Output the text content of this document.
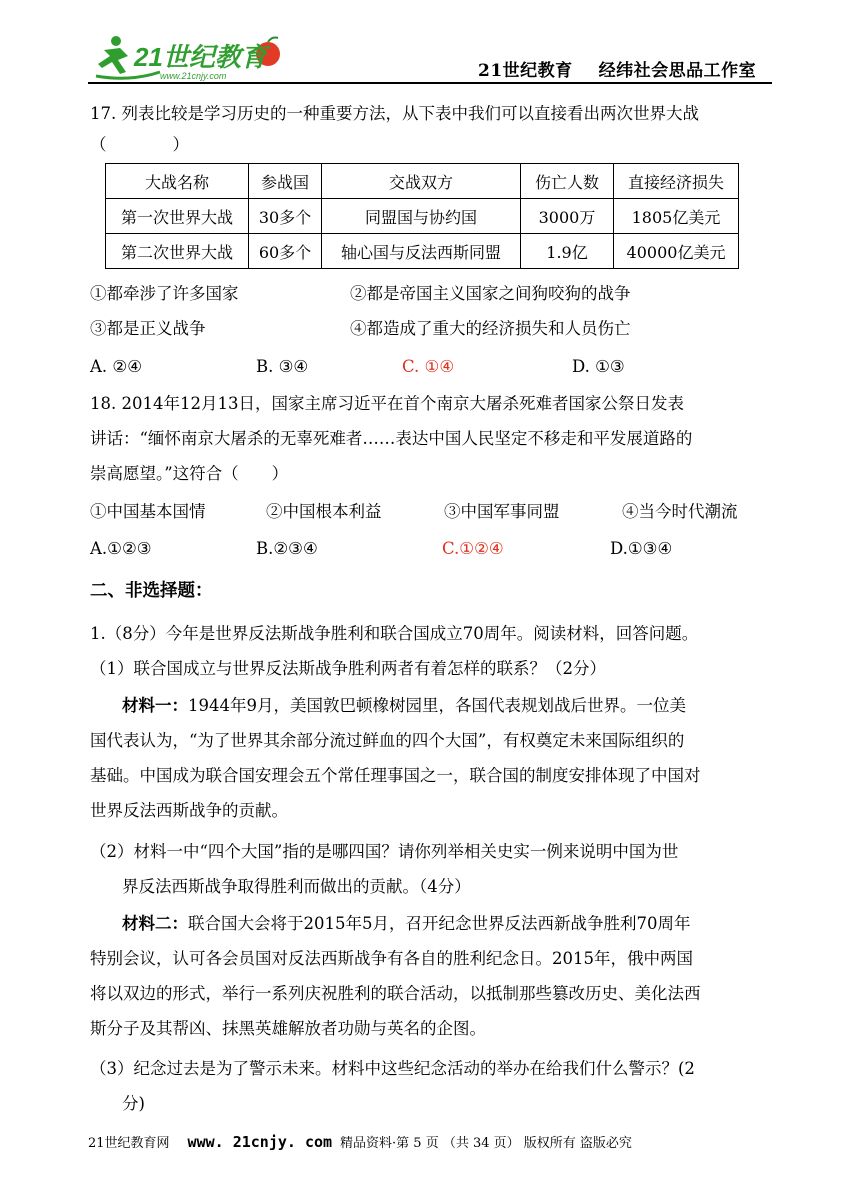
21世纪教育
www.21cnjy.com	21世纪教育 经纬社会思品工作室
17. 列表比较是学习历史的一种重要方法，从下表中我们可以直接看出两次世界大战
（　　　　）
大战名称	参战国	交战双方	伤亡人数	直接经济损失
第一次世界大战	30多个	同盟国与协约国	3000万	1805亿美元
第二次世界大战	60多个	轴心国与反法西斯同盟	1.9亿	40000亿美元
①都牵涉了许多国家	②都是帝国主义国家之间狗咬狗的战争
③都是正义战争	④都造成了重大的经济损失和人员伤亡
A. ②④	B. ③④	C. ①④	D. ①③
18. 2014年12月13日，国家主席习近平在首个南京大屠杀死难者国家公祭日发表
讲话：“缅怀南京大屠杀的无辜死难者……表达中国人民坚定不移走和平发展道路的
崇高愿望。”这符合（　　）
①中国基本国情	②中国根本利益	③中国军事同盟	④当今时代潮流
A.①②③	B.②③④	C.①②④	D.①③④
二、非选择题：
1.（8分）今年是世界反法斯战争胜利和联合国成立70周年。阅读材料，回答问题。
（1）联合国成立与世界反法斯战争胜利两者有着怎样的联系？（2分）
材料一：1944年9月，美国敦巴顿橡树园里，各国代表规划战后世界。一位美
国代表认为，“为了世界其余部分流过鲜血的四个大国”，有权奠定未来国际组织的
基础。中国成为联合国安理会五个常任理事国之一，联合国的制度安排体现了中国对
世界反法西斯战争的贡献。
（2）材料一中“四个大国”指的是哪四国？请你列举相关史实一例来说明中国为世
界反法西斯战争取得胜利而做出的贡献。（4分）
材料二：联合国大会将于2015年5月，召开纪念世界反法西新战争胜利70周年
特别会议，认可各会员国对反法西斯战争有各自的胜利纪念日。2015年，俄中两国
将以双边的形式，举行一系列庆祝胜利的联合活动，以抵制那些篡改历史、美化法西
斯分子及其帮凶、抹黑英雄解放者功勋与英名的企图。
（3）纪念过去是为了警示未来。材料中这些纪念活动的举办在给我们什么警示？(2
分)
21世纪教育网 www. 21cnjy. com 精品资料·第 5 页 （共 34 页） 版权所有 盗版必究
